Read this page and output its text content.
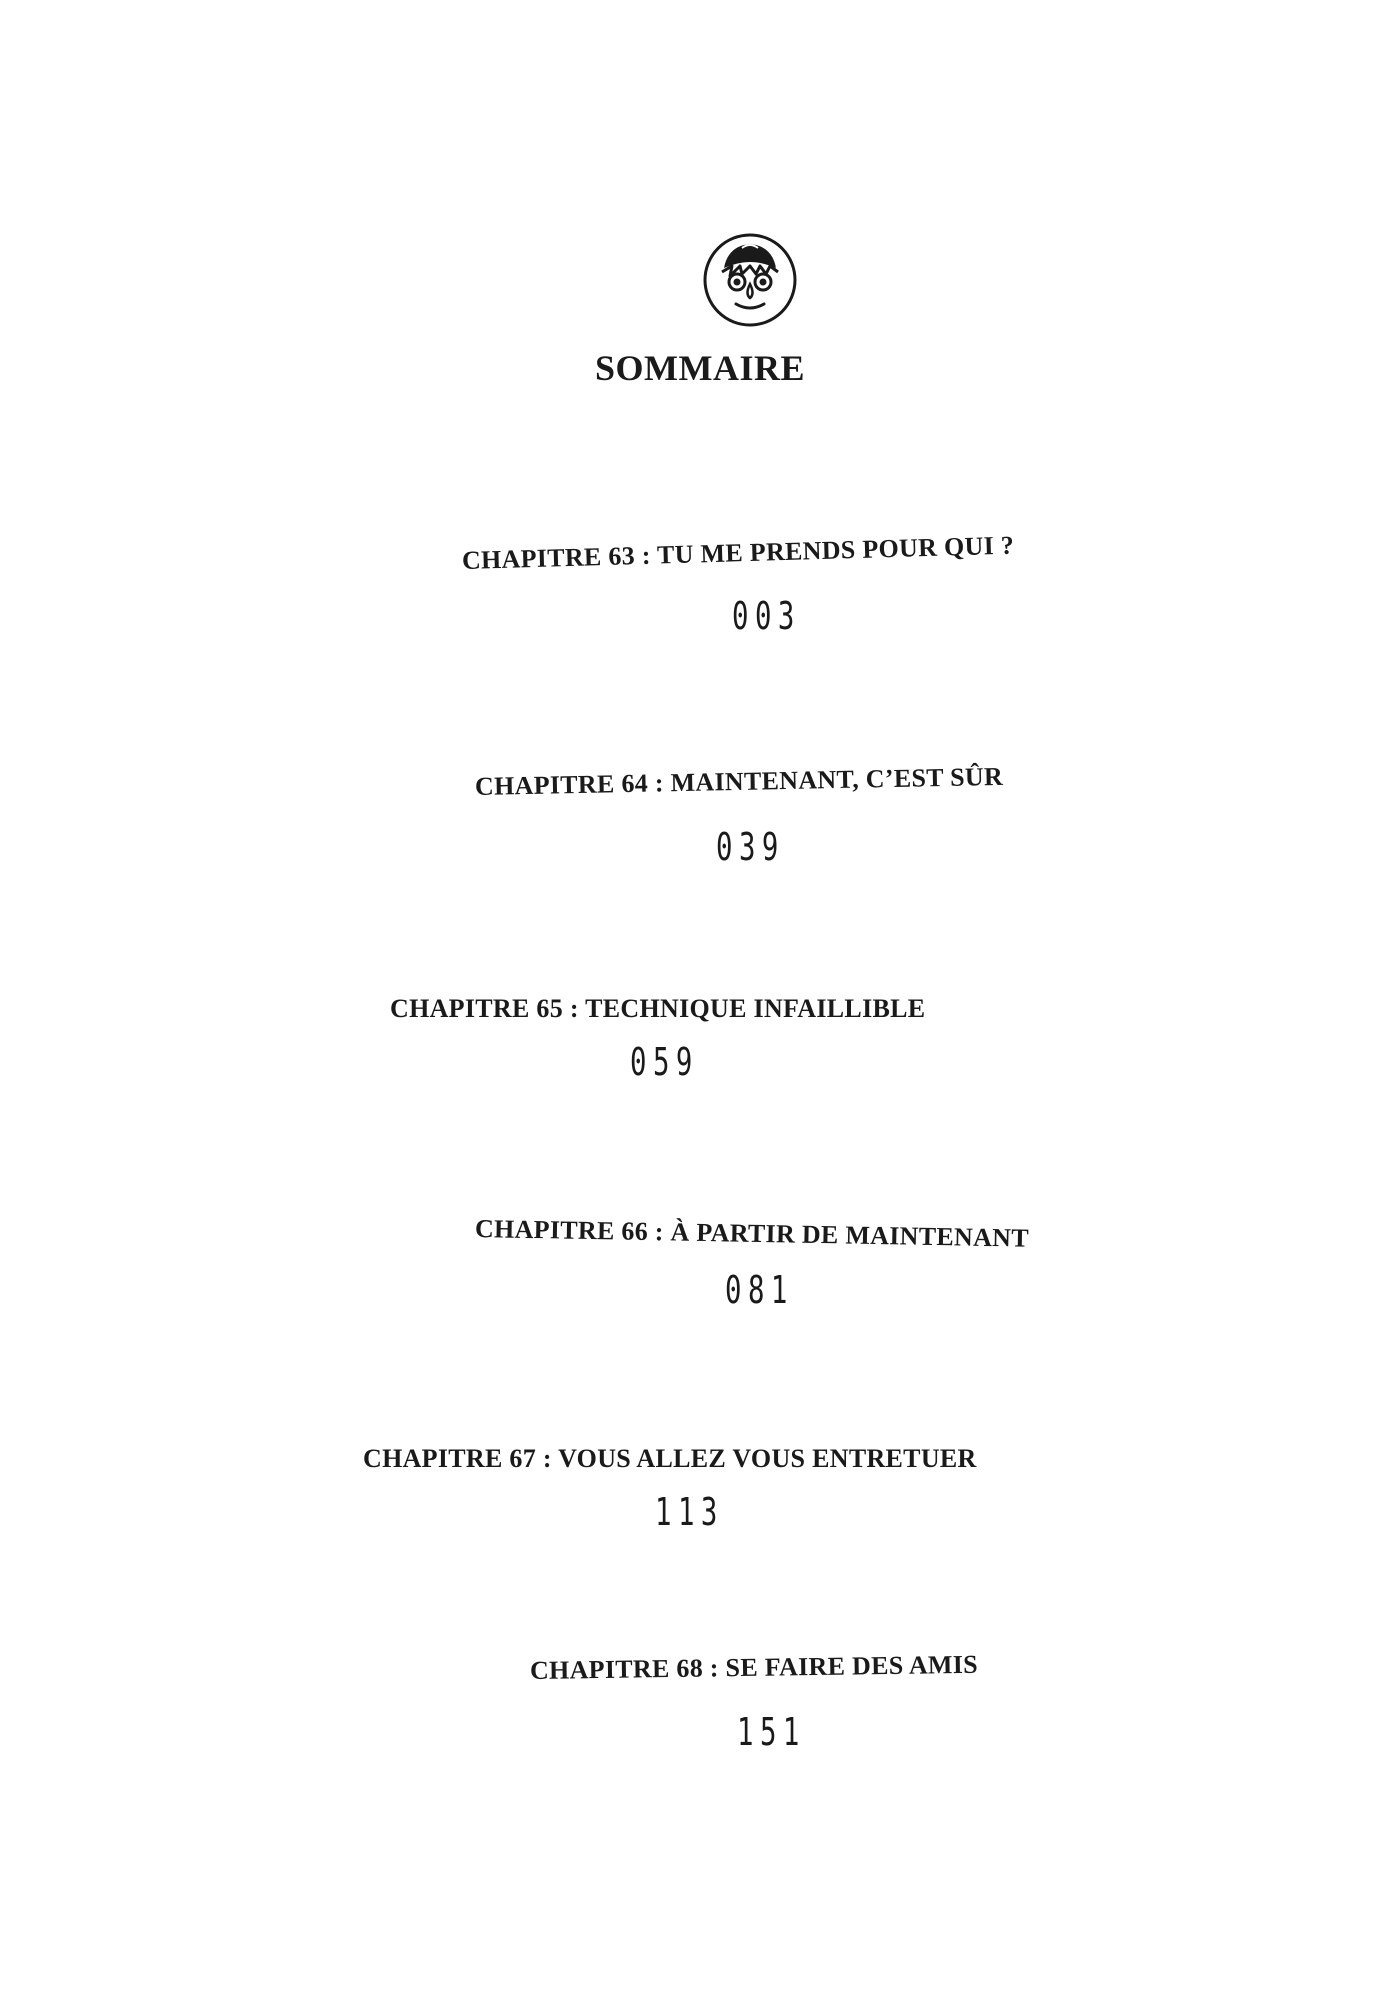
SOMMAIRE
CHAPITRE 63 : TU ME PRENDS POUR QUI ?
003
CHAPITRE 64 : MAINTENANT, C’EST SÛR
039
CHAPITRE 65 : TECHNIQUE INFAILLIBLE
059
CHAPITRE 66 : À PARTIR DE MAINTENANT
081
CHAPITRE 67 : VOUS ALLEZ VOUS ENTRETUER
113
CHAPITRE 68 : SE FAIRE DES AMIS
151
